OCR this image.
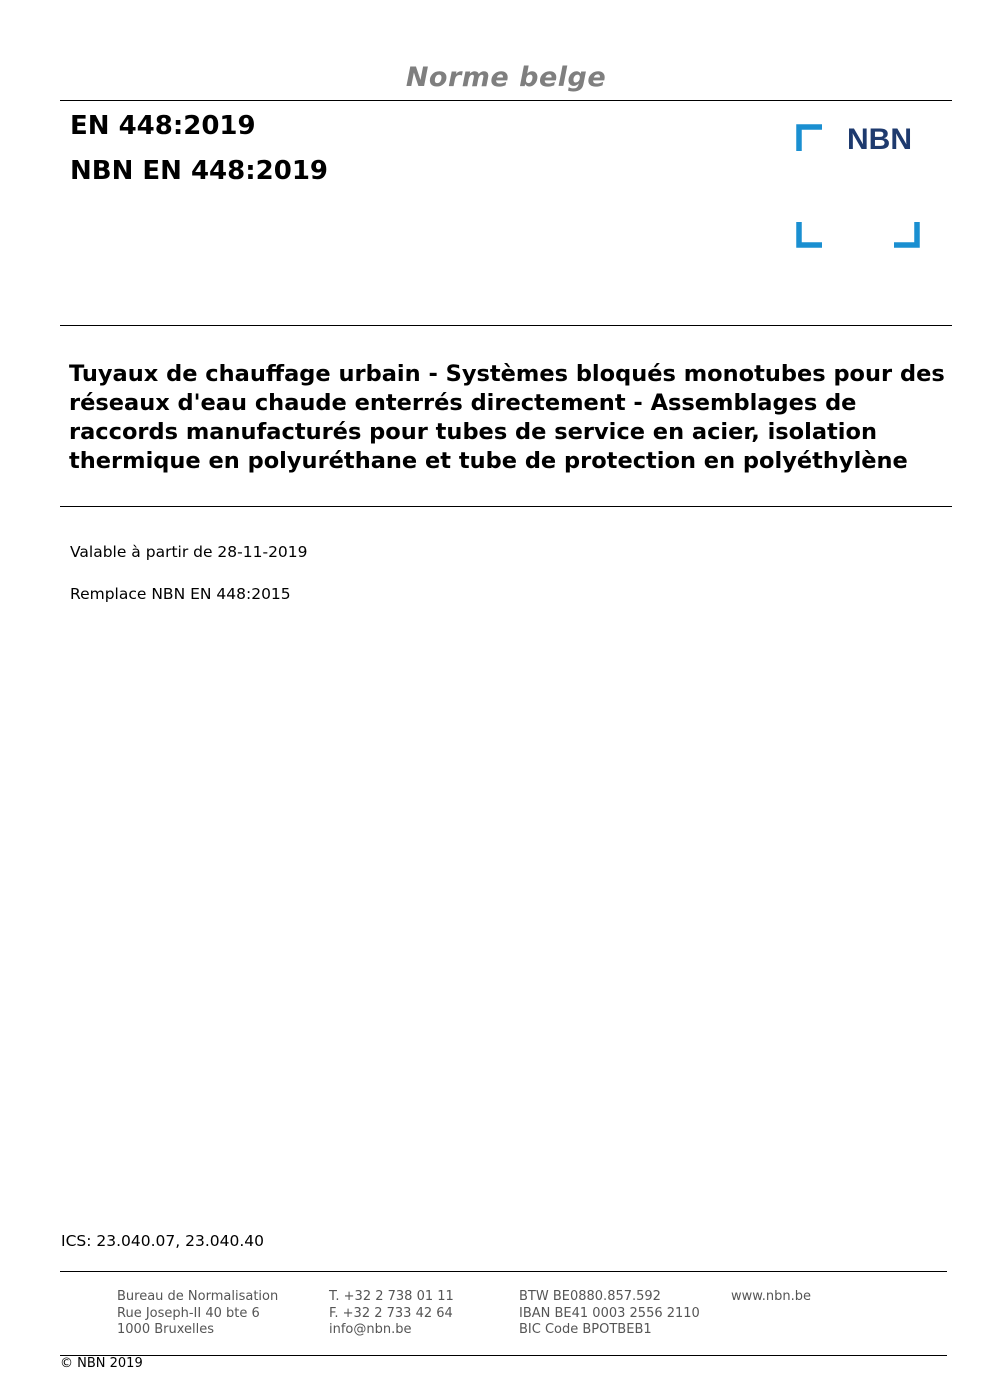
Norme belge
EN 448:2019
NBN EN 448:2019
NBN
Tuyaux de chauffage urbain - Systèmes bloqués monotubes pour des réseaux d'eau chaude enterrés directement - Assemblages de raccords manufacturés pour tubes de service en acier, isolation thermique en polyuréthane et tube de protection en polyéthylène
Valable à partir de 28-11-2019
Remplace NBN EN 448:2015
ICS: 23.040.07, 23.040.40
Bureau de Normalisation
Rue Joseph-II 40 bte 6
1000 Bruxelles
T. +32 2 738 01 11
F. +32 2 733 42 64
info@nbn.be
BTW BE0880.857.592
IBAN BE41 0003 2556 2110
BIC Code BPOTBEB1
www.nbn.be
© NBN 2019
